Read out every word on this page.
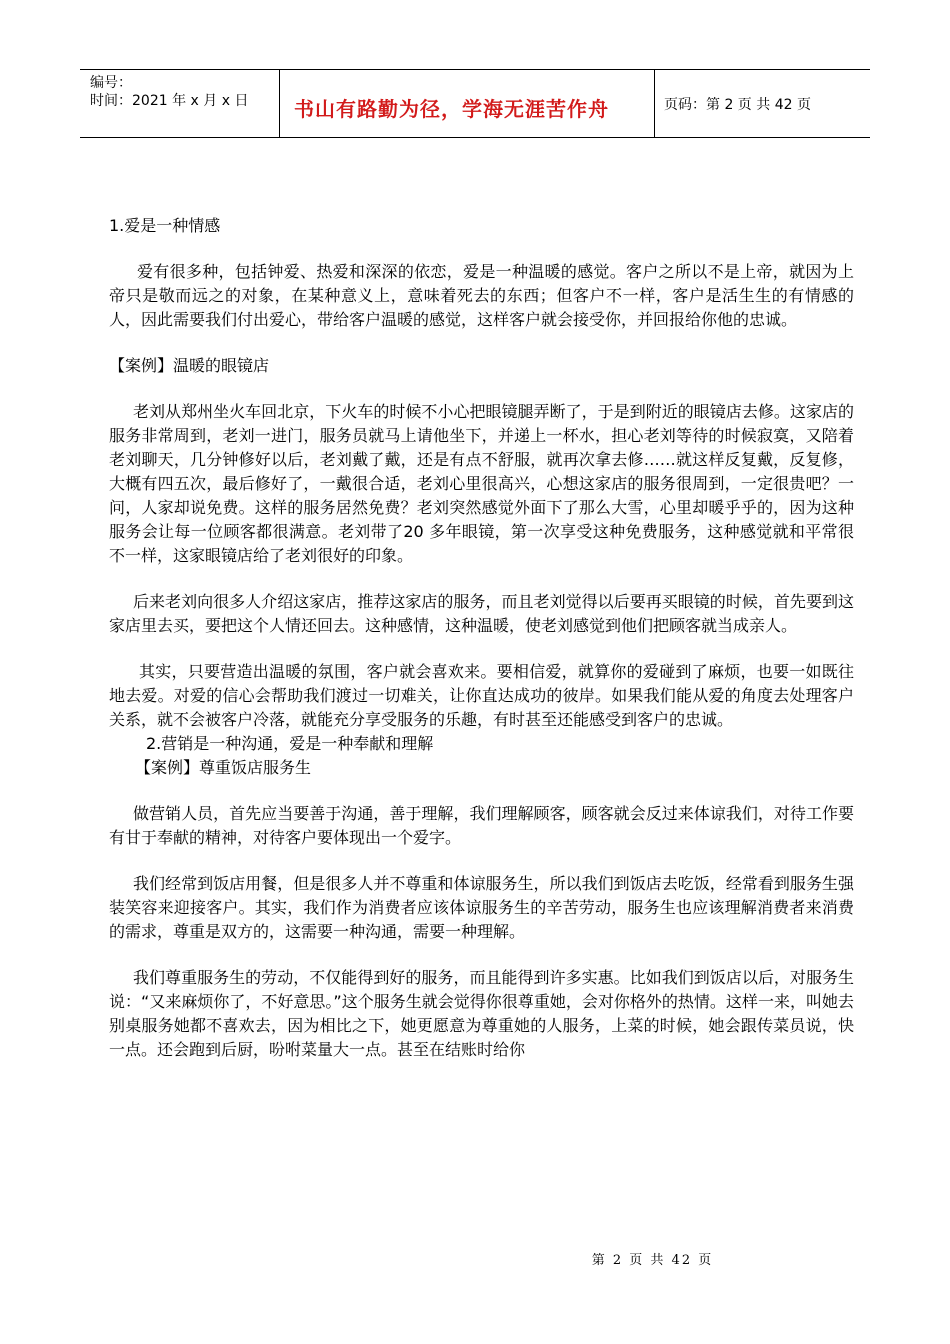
编号：
时间：2021 年 x 月 x 日 书山有路勤为径，学海无涯苦作舟	页码：第 2 页 共 42 页

1.爱是一种情感

爱有很多种，包括钟爱、热爱和深深的依恋，爱是一种温暖的感觉。客户之所以不是上帝，就因为上帝只是敬而远之的对象，在某种意义上，意味着死去的东西；但客户不一样，客户是活生生的有情感的人，因此需要我们付出爱心，带给客户温暖的感觉，这样客户就会接受你，并回报给你他的忠诚。

【案例】温暖的眼镜店

老刘从郑州坐火车回北京，下火车的时候不小心把眼镜腿弄断了，于是到附近的眼镜店去修。这家店的服务非常周到，老刘一进门，服务员就马上请他坐下，并递上一杯水，担心老刘等待的时候寂寞，又陪着老刘聊天，几分钟修好以后，老刘戴了戴，还是有点不舒服，就再次拿去修……就这样反复戴，反复修，大概有四五次，最后修好了，一戴很合适，老刘心里很高兴，心想这家店的服务很周到，一定很贵吧？一问，人家却说免费。这样的服务居然免费？老刘突然感觉外面下了那么大雪，心里却暖乎乎的，因为这种服务会让每一位顾客都很满意。老刘带了20 多年眼镜，第一次享受这种免费服务，这种感觉就和平常很不一样，这家眼镜店给了老刘很好的印象。

后来老刘向很多人介绍这家店，推荐这家店的服务，而且老刘觉得以后要再买眼镜的时候，首先要到这家店里去买，要把这个人情还回去。这种感情，这种温暖，使老刘感觉到他们把顾客就当成亲人。

其实，只要营造出温暖的氛围，客户就会喜欢来。要相信爱，就算你的爱碰到了麻烦，也要一如既往地去爱。对爱的信心会帮助我们渡过一切难关，让你直达成功的彼岸。如果我们能从爱的角度去处理客户关系，就不会被客户冷落，就能充分享受服务的乐趣，有时甚至还能感受到客户的忠诚。

2.营销是一种沟通，爱是一种奉献和理解

【案例】尊重饭店服务生

做营销人员，首先应当要善于沟通，善于理解，我们理解顾客，顾客就会反过来体谅我们，对待工作要有甘于奉献的精神，对待客户要体现出一个爱字。

我们经常到饭店用餐，但是很多人并不尊重和体谅服务生，所以我们到饭店去吃饭，经常看到服务生强装笑容来迎接客户。其实，我们作为消费者应该体谅服务生的辛苦劳动，服务生也应该理解消费者来消费的需求，尊重是双方的，这需要一种沟通，需要一种理解。

我们尊重服务生的劳动，不仅能得到好的服务，而且能得到许多实惠。比如我们到饭店以后，对服务生说：“又来麻烦你了，不好意思。”这个服务生就会觉得你很尊重她，会对你格外的热情。这样一来，叫她去别桌服务她都不喜欢去，因为相比之下，她更愿意为尊重她的人服务，上菜的时候，她会跟传菜员说，快一点。还会跑到后厨，吩咐菜量大一点。甚至在结账时给你

第 2 页 共 42 页
